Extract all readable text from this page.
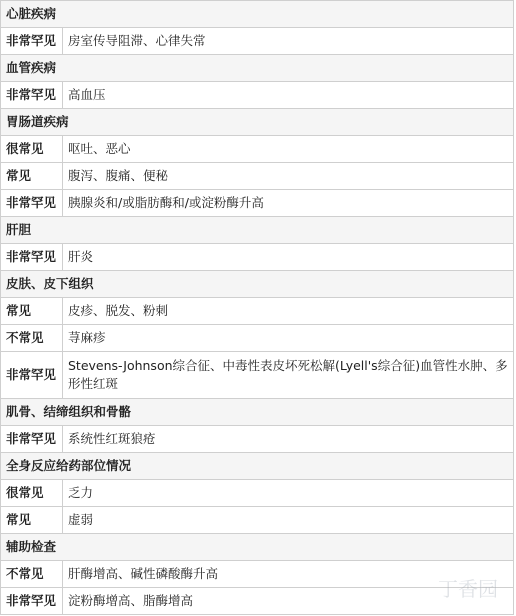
心脏疾病	
非常罕见	房室传导阻滞、心律失常
血管疾病	
非常罕见	高血压
胃肠道疾病	
很常见	呕吐、恶心
常见	腹泻、腹痛、便秘
非常罕见	胰腺炎和/或脂肪酶和/或淀粉酶升高
肝胆	
非常罕见	肝炎
皮肤、皮下组织	
常见	皮疹、脱发、粉刺
不常见	荨麻疹
非常罕见	Stevens-Johnson综合征、中毒性表皮坏死松解(Lyell's综合征)血管性水肿、多形性红斑
肌骨、结缔组织和骨骼	
非常罕见	系统性红斑狼疮
全身反应给药部位情况	
很常见	乏力
常见	虚弱
辅助检查	
不常见	肝酶增高、碱性磷酸酶升高
非常罕见	淀粉酶增高、脂酶增高	丁香园
